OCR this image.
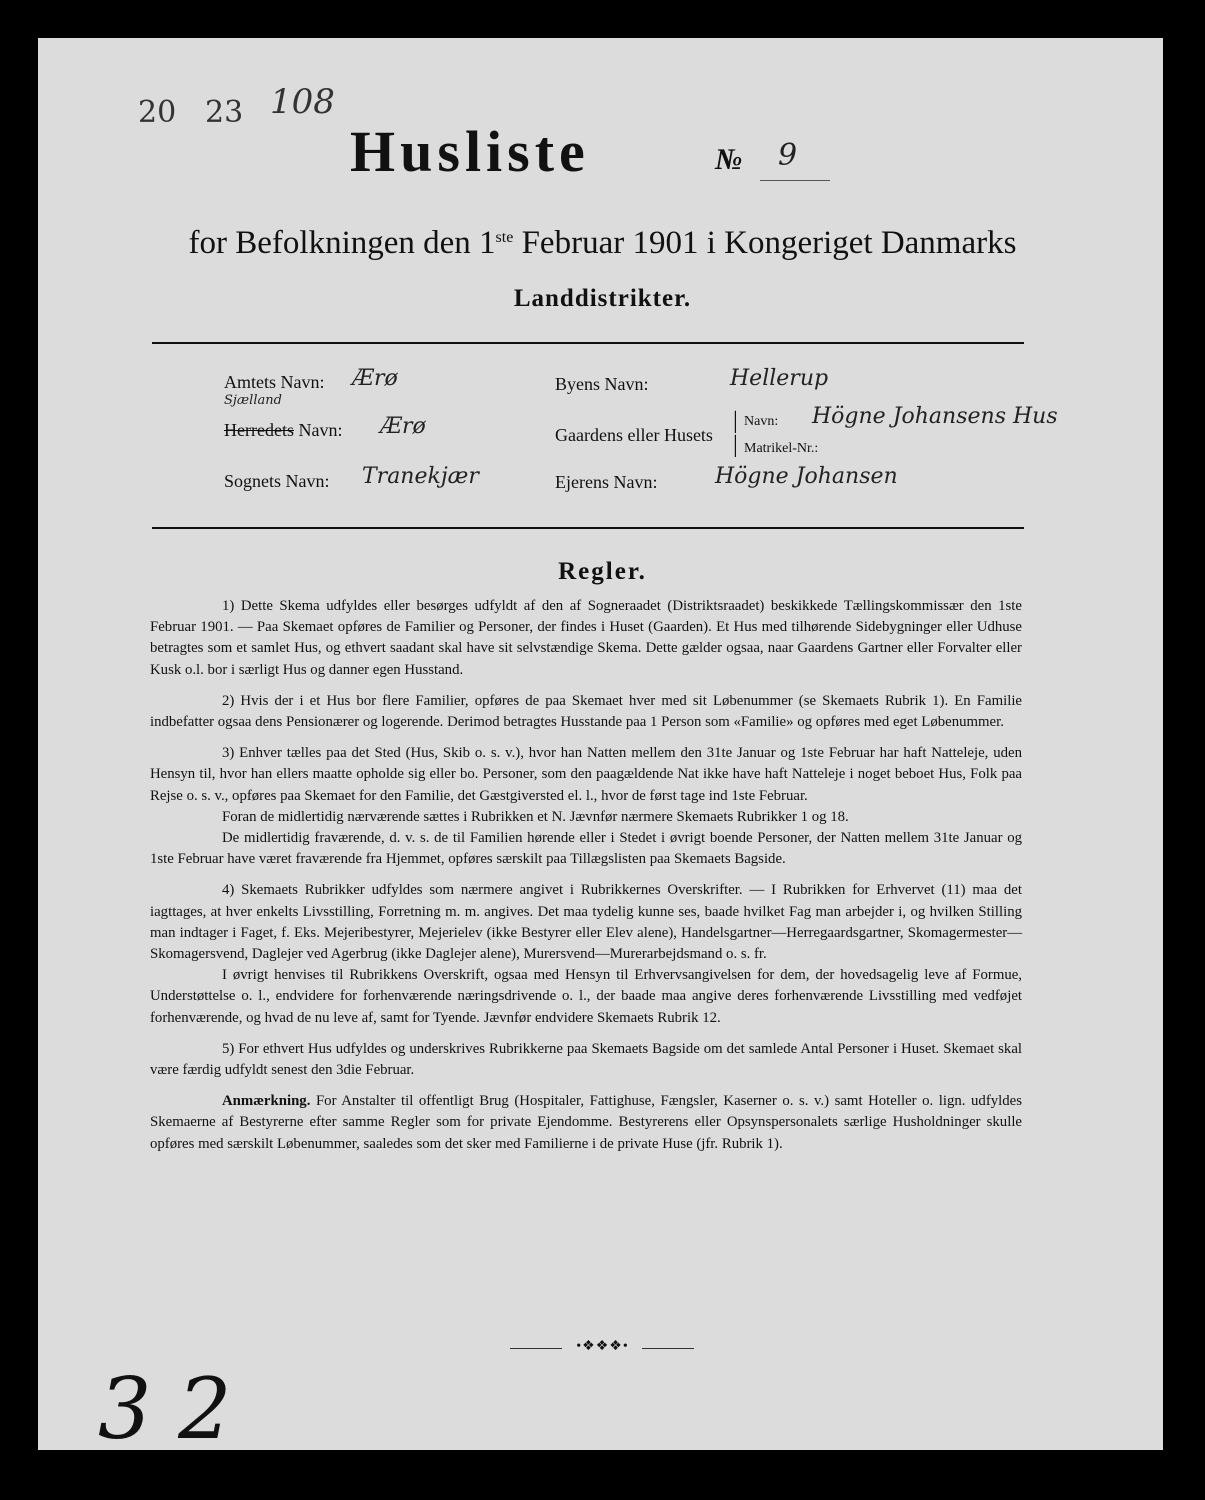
20 23 108
Husliste	№ 9
for Befolkningen den 1ste Februar 1901 i Kongeriget Danmarks
Landdistrikter.
Amtets Navn: Ærø
Sjælland
Herredets Navn: Ærø
Sognets Navn: Tranekjær
Byens Navn:	Hellerup
Gaardens eller Husets
|
|
Navn: Högne Johansens Hus
Matrikel-Nr.:
Ejerens Navn:	Högne Johansen
Regler.

1) Dette Skema udfyldes eller besørges udfyldt af den af Sogneraadet (Distriktsraadet) beskikkede Tællingskommissær den 1ste Februar 1901. — Paa Skemaet opføres de Familier og Personer, der findes i Huset (Gaarden). Et Hus med tilhørende Sidebygninger eller Udhuse betragtes som et samlet Hus, og ethvert saadant skal have sit selvstændige Skema. Dette gælder ogsaa, naar Gaardens Gartner eller Forvalter eller Kusk o.l. bor i særligt Hus og danner egen Husstand.

2) Hvis der i et Hus bor flere Familier, opføres de paa Skemaet hver med sit Løbenummer (se Skemaets Rubrik 1). En Familie indbefatter ogsaa dens Pensionærer og logerende. Derimod betragtes Husstande paa 1 Person som «Familie» og opføres med eget Løbenummer.

3) Enhver tælles paa det Sted (Hus, Skib o. s. v.), hvor han Natten mellem den 31te Januar og 1ste Februar har haft Natteleje, uden Hensyn til, hvor han ellers maatte opholde sig eller bo. Personer, som den paagældende Nat ikke have haft Natteleje i noget beboet Hus, Folk paa Rejse o. s. v., opføres paa Skemaet for den Familie, det Gæstgiversted el. l., hvor de først tage ind 1ste Februar.

Foran de midlertidig nærværende sættes i Rubrikken et N. Jævnfør nærmere Skemaets Rubrikker 1 og 18.

De midlertidig fraværende, d. v. s. de til Familien hørende eller i Stedet i øvrigt boende Personer, der Natten mellem 31te Januar og 1ste Februar have været fraværende fra Hjemmet, opføres særskilt paa Tillægslisten paa Skemaets Bagside.

4) Skemaets Rubrikker udfyldes som nærmere angivet i Rubrikkernes Overskrifter. — I Rubrikken for Erhvervet (11) maa det iagttages, at hver enkelts Livsstilling, Forretning m. m. angives. Det maa tydelig kunne ses, baade hvilket Fag man arbejder i, og hvilken Stilling man indtager i Faget, f. Eks. Mejeribestyrer, Mejerielev (ikke Bestyrer eller Elev alene), Handelsgartner—Herregaardsgartner, Skomagermester—Skomagersvend, Daglejer ved Agerbrug (ikke Daglejer alene), Murersvend—Murerarbejdsmand o. s. fr.

I øvrigt henvises til Rubrikkens Overskrift, ogsaa med Hensyn til Erhvervsangivelsen for dem, der hovedsagelig leve af Formue, Understøttelse o. l., endvidere for forhenværende næringsdrivende o. l., der baade maa angive deres forhenværende Livsstilling med vedføjet forhenværende, og hvad de nu leve af, samt for Tyende. Jævnfør endvidere Skemaets Rubrik 12.

5) For ethvert Hus udfyldes og underskrives Rubrikkerne paa Skemaets Bagside om det samlede Antal Personer i Huset. Skemaet skal være færdig udfyldt senest den 3die Februar.

Anmærkning. For Anstalter til offentligt Brug (Hospitaler, Fattighuse, Fængsler, Kaserner o. s. v.) samt Hoteller o. lign. udfyldes Skemaerne af Bestyrerne efter samme Regler som for private Ejendomme. Bestyrerens eller Opsynspersonalets særlige Husholdninger skulle opføres med særskilt Løbenummer, saaledes som det sker med Familierne i de private Huse (jfr. Rubrik 1).

•❖❖❖•
3 2
